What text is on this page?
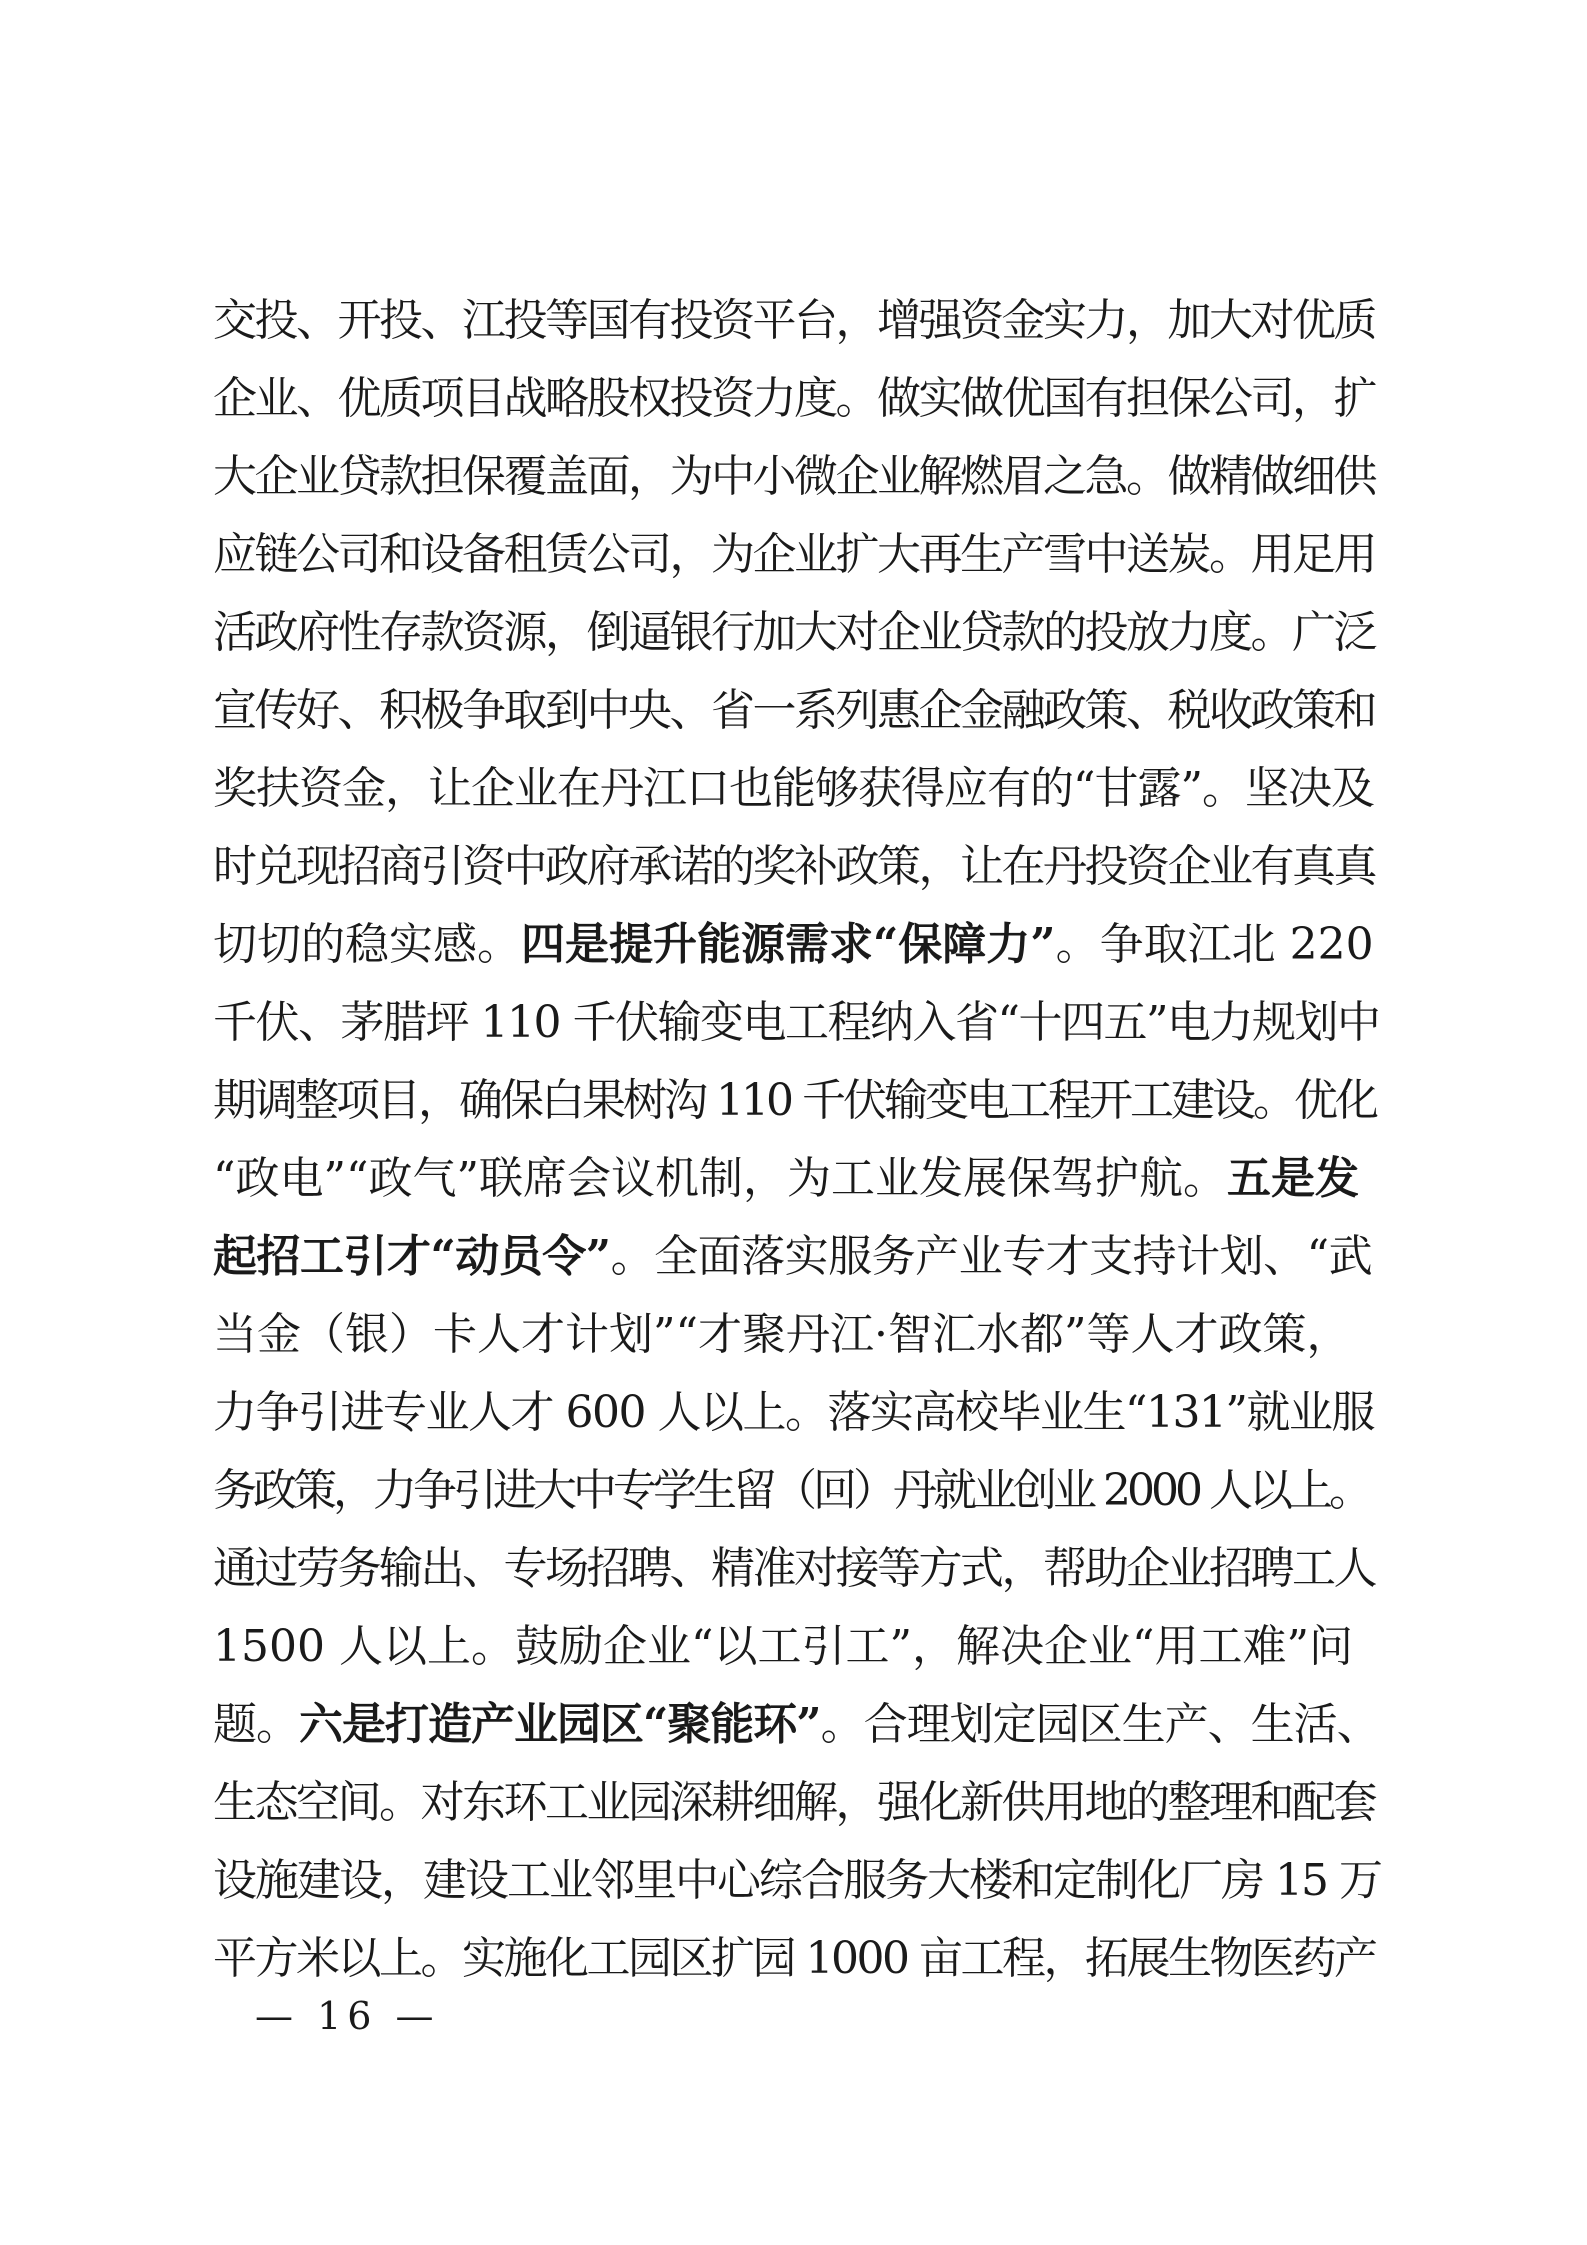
交投、开投、江投等国有投资平台，增强资金实力，加大对优质
企业、优质项目战略股权投资力度。做实做优国有担保公司，扩
大企业贷款担保覆盖面，为中小微企业解燃眉之急。做精做细供
应链公司和设备租赁公司，为企业扩大再生产雪中送炭。用足用
活政府性存款资源，倒逼银行加大对企业贷款的投放力度。广泛
宣传好、积极争取到中央、省一系列惠企金融政策、税收政策和
奖扶资金，让企业在丹江口也能够获得应有的“甘露”。坚决及
时兑现招商引资中政府承诺的奖补政策，让在丹投资企业有真真
切切的稳实感。四是提升能源需求“保障力”。争取江北 220
千伏、茅腊坪 110 千伏输变电工程纳入省“十四五”电力规划中
期调整项目，确保白果树沟 110 千伏输变电工程开工建设。优化
“政电”“政气”联席会议机制，为工业发展保驾护航。五是发
起招工引才“动员令”。全面落实服务产业专才支持计划、“武
当金（银）卡人才计划”“才聚丹江·智汇水都”等人才政策，
力争引进专业人才 600 人以上。落实高校毕业生“131”就业服
务政策，力争引进大中专学生留（回）丹就业创业 2000 人以上。
通过劳务输出、专场招聘、精准对接等方式，帮助企业招聘工人
1500 人以上。鼓励企业“以工引工”，解决企业“用工难”问
题。六是打造产业园区“聚能环”。合理划定园区生产、生活、
生态空间。对东环工业园深耕细解，强化新供用地的整理和配套
设施建设，建设工业邻里中心综合服务大楼和定制化厂房 15 万
平方米以上。实施化工园区扩园 1000 亩工程，拓展生物医药产
— 16 —
